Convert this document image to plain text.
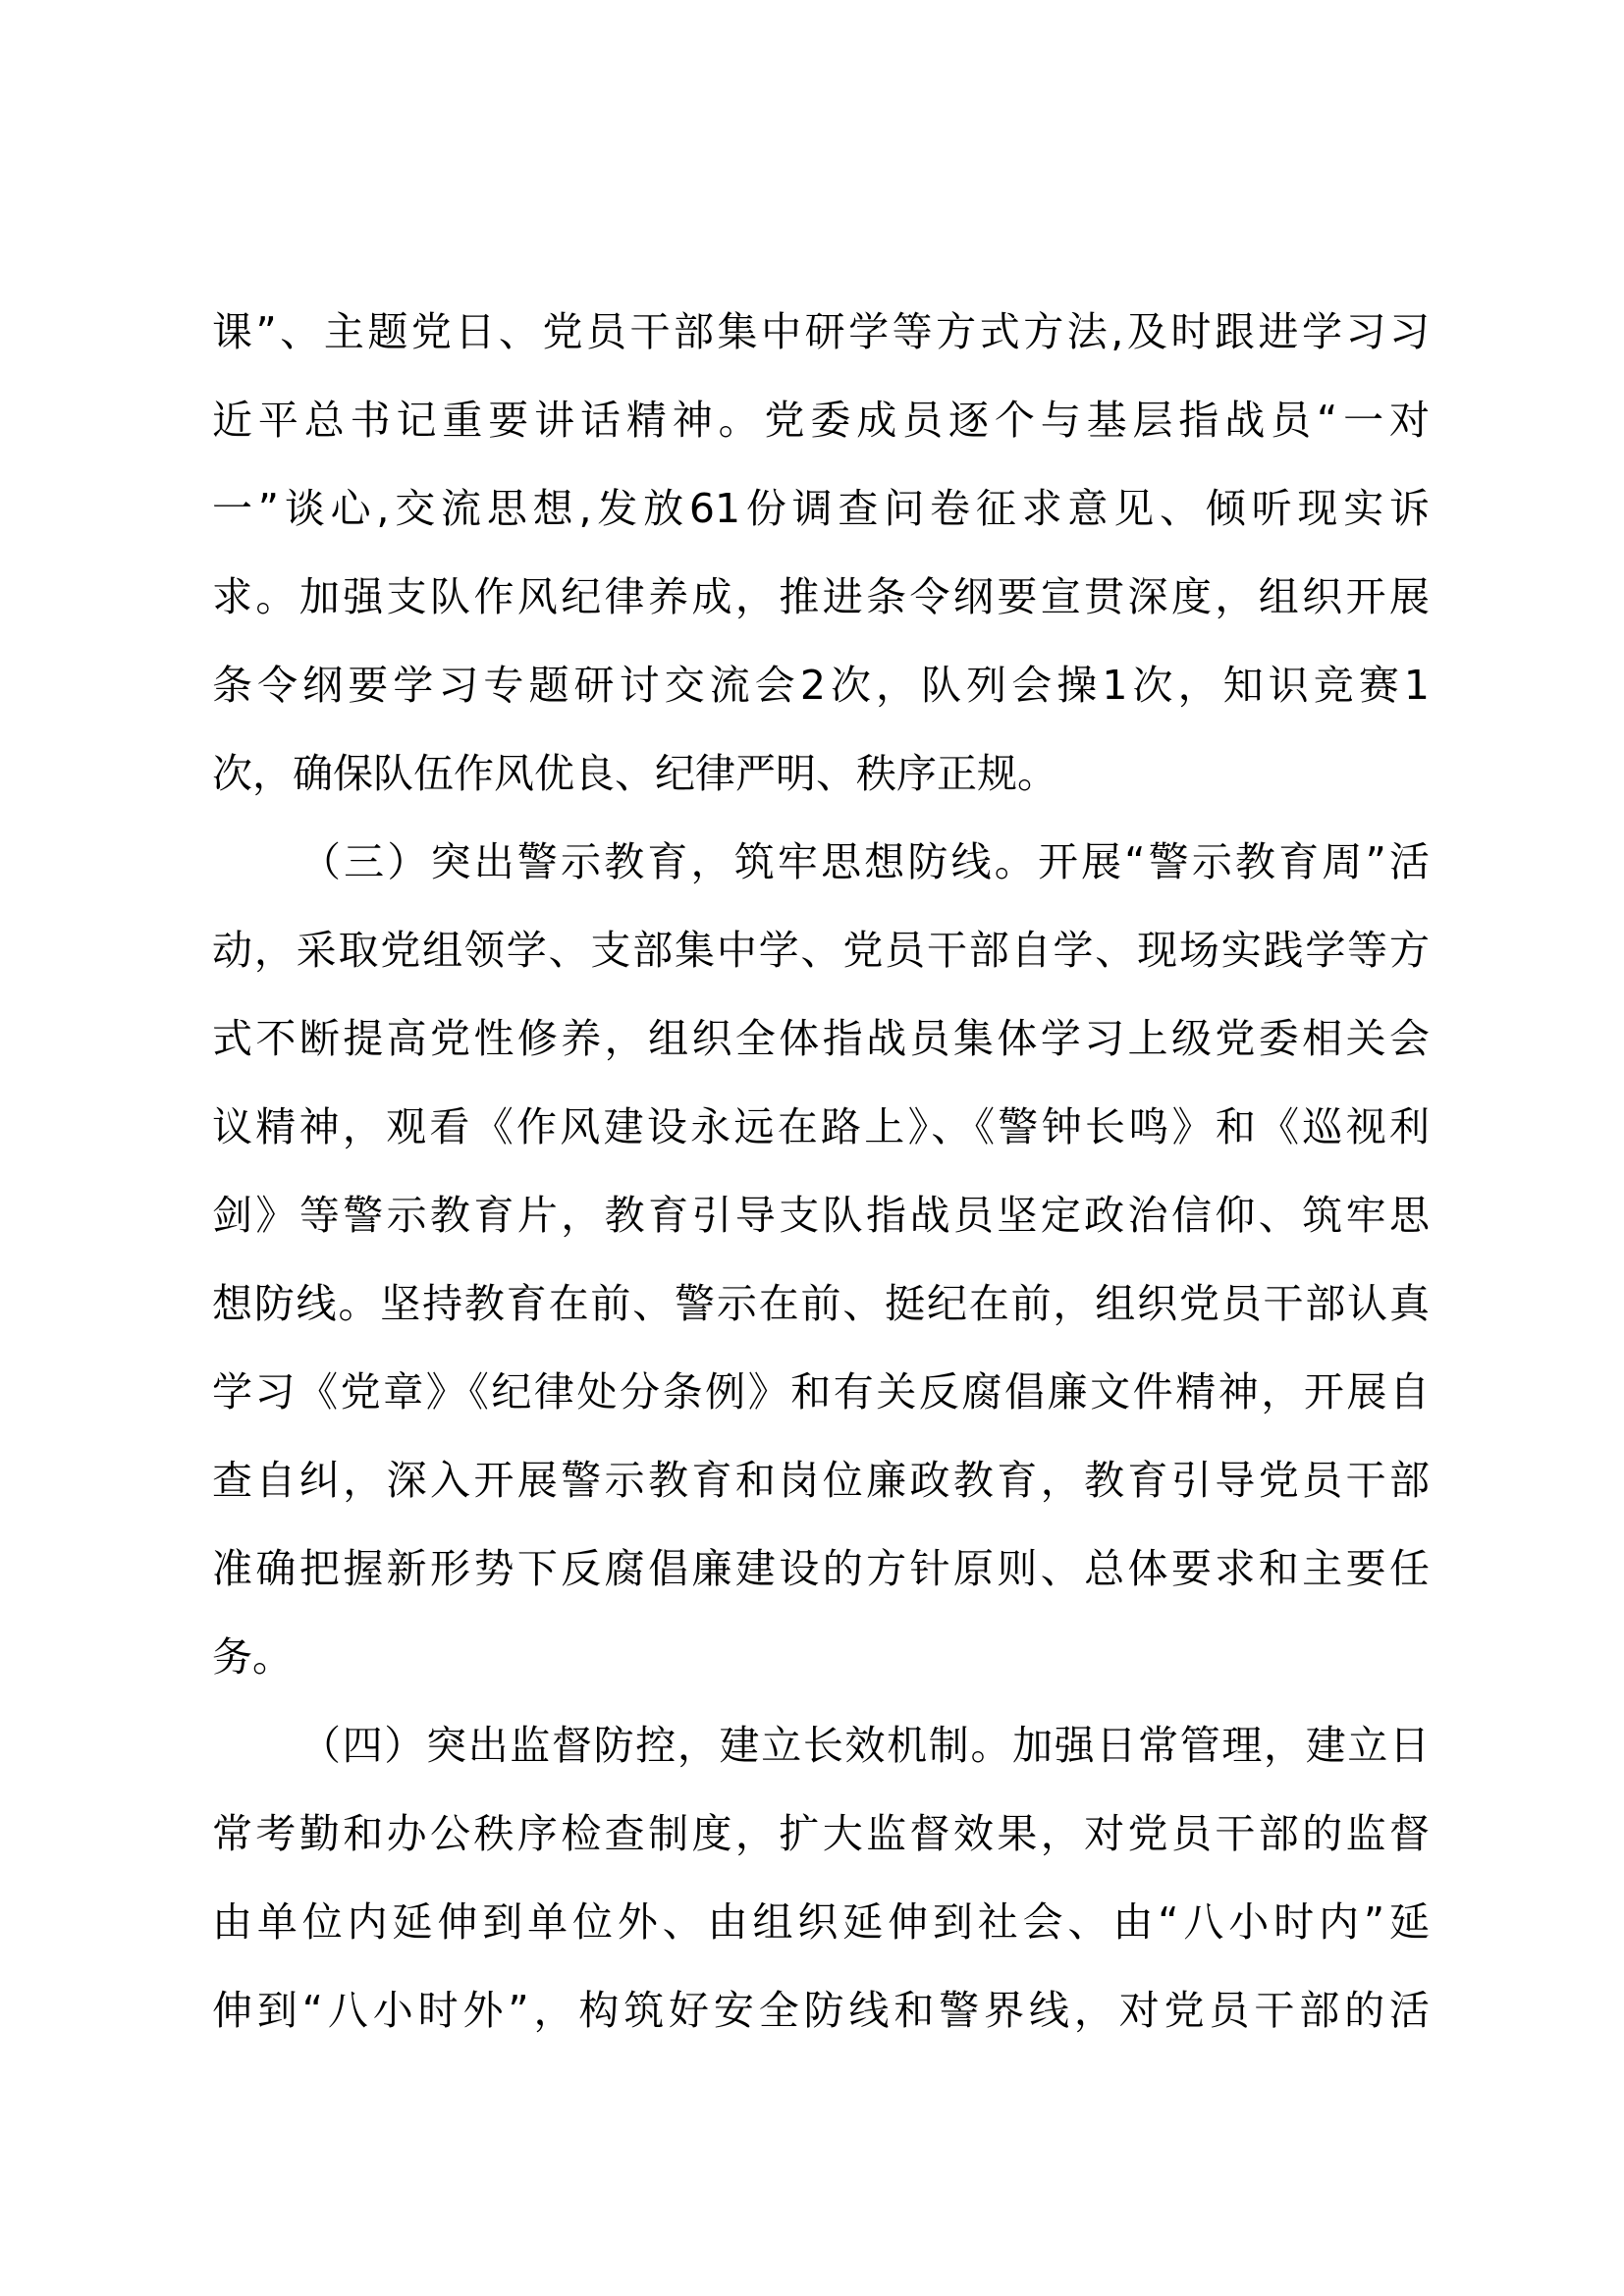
课”、主题党日、党员干部集中研学等方式方法,及时跟进学习习
近平总书记重要讲话精神。党委成员逐个与基层指战员“一对
一”谈心,交流思想,发放61份调查问卷征求意见、倾听现实诉
求。加强支队作风纪律养成，推进条令纲要宣贯深度，组织开展
条令纲要学习专题研讨交流会2次，队列会操1次，知识竞赛1
次，确保队伍作风优良、纪律严明、秩序正规。
（三）突出警示教育，筑牢思想防线。开展“警示教育周”活
动，采取党组领学、支部集中学、党员干部自学、现场实践学等方
式不断提高党性修养，组织全体指战员集体学习上级党委相关会
议精神，观看《作风建设永远在路上》、《警钟长鸣》和《巡视利
剑》等警示教育片，教育引导支队指战员坚定政治信仰、筑牢思
想防线。坚持教育在前、警示在前、挺纪在前，组织党员干部认真
学习《党章》《纪律处分条例》和有关反腐倡廉文件精神，开展自
查自纠，深入开展警示教育和岗位廉政教育，教育引导党员干部
准确把握新形势下反腐倡廉建设的方针原则、总体要求和主要任
务。
（四）突出监督防控，建立长效机制。加强日常管理，建立日
常考勤和办公秩序检查制度，扩大监督效果，对党员干部的监督
由单位内延伸到单位外、由组织延伸到社会、由“八小时内”延
伸到“八小时外”，构筑好安全防线和警界线，对党员干部的活
